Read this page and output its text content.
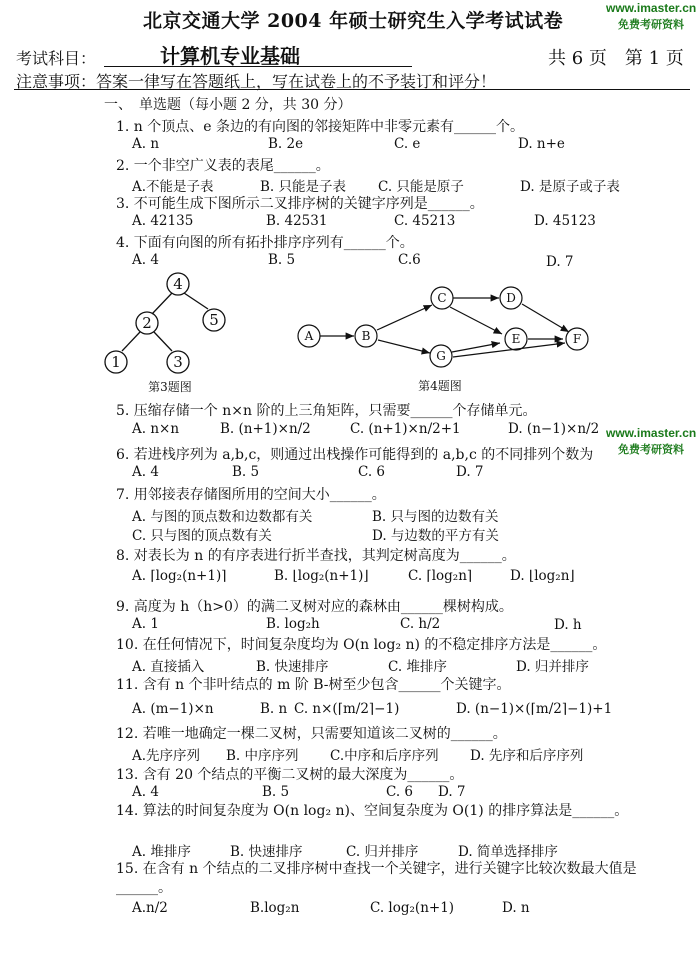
www.imaster.cn
免费考研资料
www.imaster.cn
免费考研资料
北京交通大学 2004 年硕士研究生入学考试试卷
考试科目：	计算机专业基础	共 6 页　第 1 页
注意事项：答案一律写在答题纸上，写在试卷上的不予装订和评分！
一、　单选题（每小题 2 分，共 30 分）
1. n 个顶点、e 条边的有向图的邻接矩阵中非零元素有______个。
A. n	B. 2e	C. e	D. n+e
2. 一个非空广义表的表尾______。
A.不能是子表	B. 只能是子表 C. 只能是原子	D. 是原子或子表
3. 不可能生成下图所示二叉排序树的关键字序列是______。
A. 42135	B. 42531	C. 45213	D. 45123
4. 下面有向图的所有拓扑排序序列有______个。
A. 4	B. 5	C.6	D. 7
4
2	5
1	3
第3题图
A	B
C	D
E	F
G
第4题图
5. 压缩存储一个 n×n 阶的上三角矩阵，只需要______个存储单元。
A. n×n	B. (n+1)×n/2	C. (n+1)×n/2+1	D. (n−1)×n/2
6. 若进栈序列为 a,b,c，则通过出栈操作可能得到的 a,b,c 的不同排列个数为
A. 4	B. 5	C. 6	D. 7
7. 用邻接表存储图所用的空间大小______。
A. 与图的顶点数和边数都有关	B. 只与图的边数有关
C. 只与图的顶点数有关	D. 与边数的平方有关
8. 对表长为 n 的有序表进行折半查找，其判定树高度为______。
A. ⌈log₂(n+1)⌉	B. ⌊log₂(n+1)⌋	C. ⌈log₂n⌉	D. ⌊log₂n⌋
9. 高度为 h（h>0）的满二叉树对应的森林由______棵树构成。
A. 1	B. log₂h	C. h/2	D. h
10. 在任何情况下，时间复杂度均为 O(n log₂ n) 的不稳定排序方法是______。
A. 直接插入	B. 快速排序	C. 堆排序	D. 归并排序
11. 含有 n 个非叶结点的 m 阶 B-树至少包含______个关键字。
A. (m−1)×n	B. n C. n×(⌈m/2⌉−1)	D. (n−1)×(⌈m/2⌉−1)+1
12. 若唯一地确定一棵二叉树，只需要知道该二叉树的______。
A.先序序列 B. 中序序列 C.中序和后序序列 D. 先序和后序序列
13. 含有 20 个结点的平衡二叉树的最大深度为______。
A. 4	B. 5	C. 6 D. 7
14. 算法的时间复杂度为 O(n log₂ n)、空间复杂度为 O(1) 的排序算法是______。
A. 堆排序	B. 快速排序	C. 归并排序	D. 简单选择排序
15. 在含有 n 个结点的二叉排序树中查找一个关键字，进行关键字比较次数最大值是______。
A.n/2	B.log₂n	C. log₂(n+1)	D. n
